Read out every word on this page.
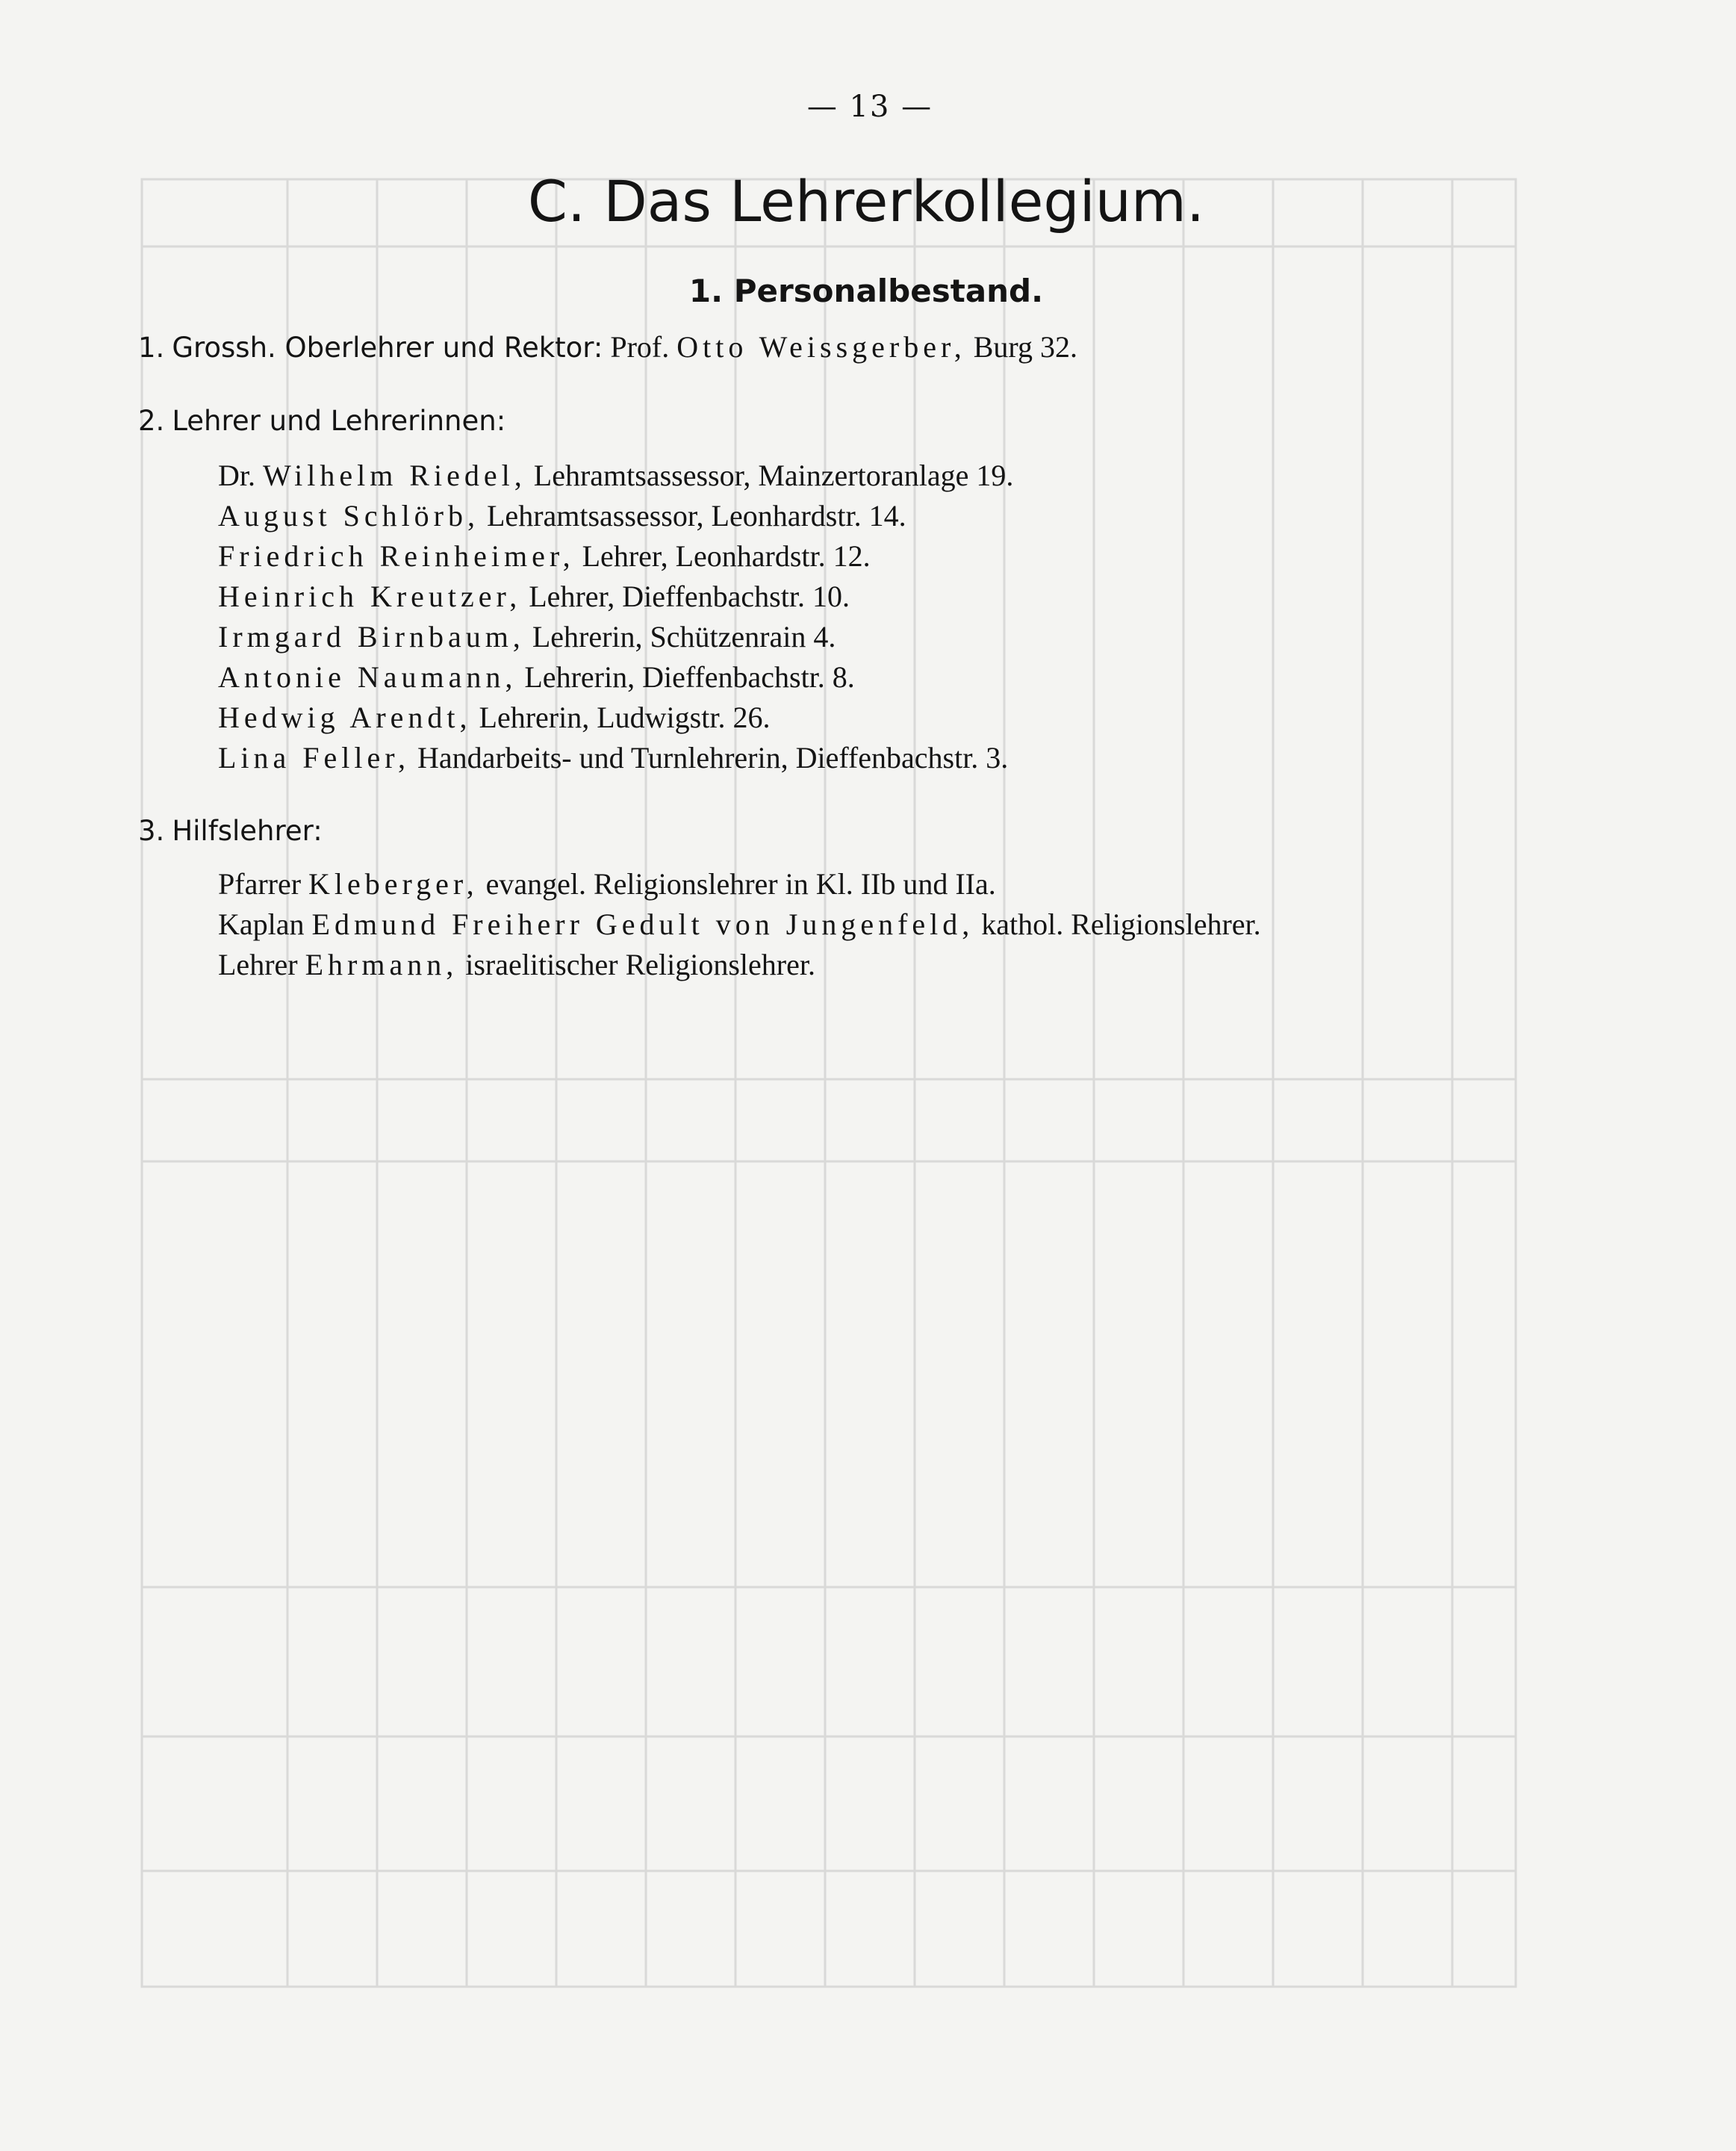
— 13 —
C. Das Lehrerkollegium.
1. Personalbestand.
1. Grossh. Oberlehrer und Rektor: Prof. Otto Weissgerber, Burg 32.
2. Lehrer und Lehrerinnen:
Dr. Wilhelm Riedel, Lehramtsassessor, Mainzertoranlage 19.
August Schlörb, Lehramtsassessor, Leonhardstr. 14.
Friedrich Reinheimer, Lehrer, Leonhardstr. 12.
Heinrich Kreutzer, Lehrer, Dieffenbachstr. 10.
Irmgard Birnbaum, Lehrerin, Schützenrain 4.
Antonie Naumann, Lehrerin, Dieffenbachstr. 8.
Hedwig Arendt, Lehrerin, Ludwigstr. 26.
Lina Feller, Handarbeits- und Turnlehrerin, Dieffenbachstr. 3.
3. Hilfslehrer:
Pfarrer Kleberger, evangel. Religionslehrer in Kl. IIb und IIa.
Kaplan Edmund Freiherr Gedult von Jungenfeld, kathol. Religionslehrer.
Lehrer Ehrmann, israelitischer Religionslehrer.
